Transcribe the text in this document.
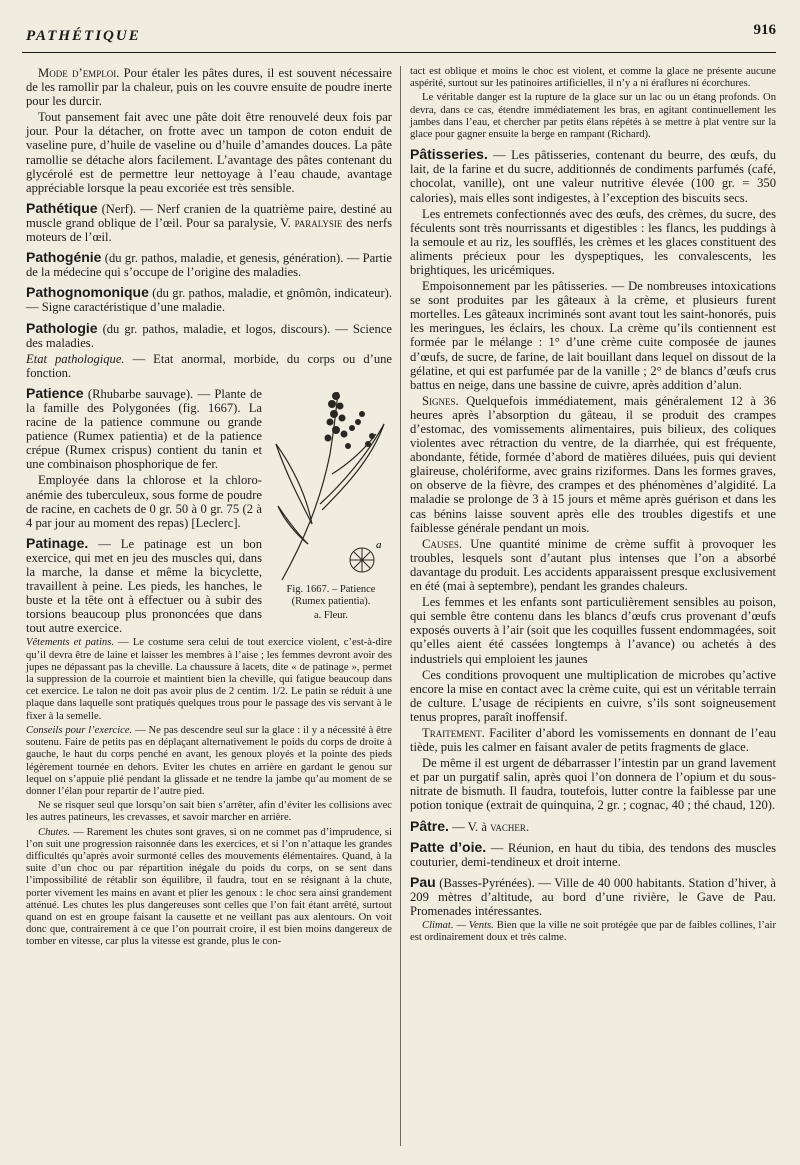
PATHÉTIQUE	916

Mode d’emploi. Pour étaler les pâtes dures, il est souvent nécessaire de les ramollir par la chaleur, puis on les couvre ensuite de poudre inerte pour les durcir.

Tout pansement fait avec une pâte doit être renouvelé deux fois par jour. Pour la détacher, on frotte avec un tampon de coton enduit de vaseline pure, d’huile de vaseline ou d’huile d’amandes douces. La pâte ramollie se détache alors facilement. L’avantage des pâtes contenant du glycérolé est de permettre leur nettoyage à l’eau chaude, avantage appréciable lorsque la peau excoriée est très sensible.

Pathétique (Nerf). — Nerf cranien de la quatrième paire, destiné au muscle grand oblique de l’œil. Pour sa paralysie, V. paralysie des nerfs moteurs de l’œil.

Pathogénie (du gr. pathos, maladie, et genesis, génération). — Partie de la médecine qui s’occupe de l’origine des maladies.

Pathognomonique (du gr. pathos, maladie, et gnômôn, indicateur). — Signe caractéristique d’une maladie.

Pathologie (du gr. pathos, maladie, et logos, discours). — Science des maladies.

Etat pathologique. — Etat anormal, morbide, du corps ou d’une fonction.

a

Fig. 1667. – Patience (Rumex patientia).

a. Fleur.

Patience (Rhubarbe sauvage). — Plante de la famille des Polygonées (fig. 1667). La racine de la patience commune ou grande patience (Rumex patientia) et de la patience crépue (Rumex crispus) contient du tanin et une combinaison phosphorique de fer.

Employée dans la chlorose et la chloro-anémie des tuberculeux, sous forme de poudre de racine, en cachets de 0 gr. 50 à 0 gr. 75 (2 à 4 par jour au moment des repas) [Leclerc].

Patinage. — Le patinage est un bon exercice, qui met en jeu des muscles qui, dans la marche, la danse et même la bicyclette, travaillent à peine. Les pieds, les hanches, le buste et la tête ont à effectuer ou à subir des torsions beaucoup plus prononcées que dans tout autre exercice.

Vêtements et patins. — Le costume sera celui de tout exercice violent, c’est-à-dire qu’il devra être de laine et laisser les membres à l’aise ; les femmes devront avoir des jupes ne dépassant pas la cheville. La chaussure à lacets, dite « de patinage », permet la suppression de la courroie et maintient bien la cheville, qui fatigue beaucoup dans cet exercice. Le talon ne doit pas avoir plus de 2 centim. 1/2. Le patin se réduit à une plaque dans laquelle sont pratiqués quelques trous pour le passage des vis servant à le fixer à la semelle.

Conseils pour l’exercice. — Ne pas descendre seul sur la glace : il y a nécessité à être soutenu. Faire de petits pas en déplaçant alternativement le poids du corps de droite à gauche, le haut du corps penché en avant, les genoux ployés et la pointe des pieds légèrement tournée en dehors. Eviter les chutes en arrière en gardant le genou sur lequel on s’appuie plié pendant la glissade et ne tendre la jambe qu’au moment de se donner l’élan pour repartir de l’autre pied.

Ne se risquer seul que lorsqu’on sait bien s’arrêter, afin d’éviter les collisions avec les autres patineurs, les crevasses, et savoir marcher en arrière.

Chutes. — Rarement les chutes sont graves, si on ne commet pas d’imprudence, si l’on suit une progression raisonnée dans les exercices, et si l’on n’attaque les grandes difficultés qu’après avoir surmonté celles des mouvements élémentaires. Quand, à la suite d’un choc ou par répartition inégale du poids du corps, on se sent dans l’impossibilité de rétablir son équilibre, il faudra, tout en se résignant à la chute, porter vivement les mains en avant et plier les genoux : le choc sera ainsi grandement atténué. Les chutes les plus dangereuses sont celles que l’on fait étant arrêté, surtout quand on est en groupe faisant la causette et ne veillant pas aux alentours. On voit donc que, contrairement à ce que l’on pourrait croire, il est bien moins dangereux de tomber en vitesse, car plus la vitesse est grande, plus le con-

tact est oblique et moins le choc est violent, et comme la glace ne présente aucune aspérité, surtout sur les patinoires artificielles, il n’y a ni éraflures ni écorchures.

Le véritable danger est la rupture de la glace sur un lac ou un étang profonds. On devra, dans ce cas, étendre immédiatement les bras, en agitant continuellement les jambes dans l’eau, et chercher par petits élans répétés à se mettre à plat ventre sur la glace pour gagner ensuite la berge en rampant (Richard).

Pâtisseries. — Les pâtisseries, contenant du beurre, des œufs, du lait, de la farine et du sucre, additionnés de condiments parfumés (café, chocolat, vanille), ont une valeur nutritive élevée (100 gr. = 350 calories), mais elles sont indigestes, à l’exception des biscuits secs.

Les entremets confectionnés avec des œufs, des crèmes, du sucre, des féculents sont très nourrissants et digestibles : les flancs, les puddings à la semoule et au riz, les soufflés, les crèmes et les glaces constituent des aliments précieux pour les dyspeptiques, les convalescents, les brightiques, les uricémiques.

Empoisonnement par les pâtisseries. — De nombreuses intoxications se sont produites par les gâteaux à la crème, et plusieurs furent mortelles. Les gâteaux incriminés sont avant tout les saint-honorés, puis les meringues, les éclairs, les choux. La crème qu’ils contiennent est formée par le mélange : 1° d’une crème cuite composée de jaunes d’œufs, de sucre, de farine, de lait bouillant dans lequel on dissout de la gélatine, et qui est parfumée par de la vanille ; 2° de blancs d’œufs crus battus en neige, dans une bassine de cuivre, après addition d’alun.

Signes. Quelquefois immédiatement, mais généralement 12 à 36 heures après l’absorption du gâteau, il se produit des crampes d’estomac, des vomissements alimentaires, puis bilieux, des coliques violentes avec rétraction du ventre, de la diarrhée, qui est fréquente, abondante, fétide, formée d’abord de matières diluées, puis qui devient glaireuse, cholériforme, avec grains riziformes. Dans les formes graves, on observe de la fièvre, des crampes et des phénomènes d’algidité. La maladie se prolonge de 3 à 15 jours et même après guérison et dans les cas bénins laisse souvent après elle des troubles digestifs et une faiblesse générale pendant un mois.

Causes. Une quantité minime de crème suffit à provoquer les troubles, lesquels sont d’autant plus intenses que l’on a absorbé davantage du produit. Les accidents apparaissent presque exclusivement en été (mai à septembre), pendant les grandes chaleurs.

Les femmes et les enfants sont particulièrement sensibles au poison, qui semble être contenu dans les blancs d’œufs crus provenant d’œufs exposés ouverts à l’air (soit que les coquilles fussent endommagées, soit qu’elles aient été cassées longtemps à l’avance) ou achetés à des industriels qui emploient les jaunes

Ces conditions provoquent une multiplication de microbes qu’active encore la mise en contact avec la crème cuite, qui est un véritable terrain de culture. L’usage de récipients en cuivre, s’ils sont soigneusement tenus propres, paraît inoffensif.

Traitement. Faciliter d’abord les vomissements en donnant de l’eau tiède, puis les calmer en faisant avaler de petits fragments de glace.

De même il est urgent de débarrasser l’intestin par un grand lavement et par un purgatif salin, après quoi l’on donnera de l’opium et du sous-nitrate de bismuth. Il faudra, toutefois, lutter contre la faiblesse par une potion tonique (extrait de quinquina, 2 gr. ; cognac, 40 ; thé chaud, 120).

Pâtre. — V. à vacher.

Patte d’oie. — Réunion, en haut du tibia, des tendons des muscles couturier, demi-tendineux et droit interne.

Pau (Basses-Pyrénées). — Ville de 40 000 habitants. Station d’hiver, à 209 mètres d’altitude, au bord d’une rivière, le Gave de Pau. Promenades intéressantes.

Climat. — Vents. Bien que la ville ne soit protégée que par de faibles collines, l’air est ordinairement doux et très calme.
